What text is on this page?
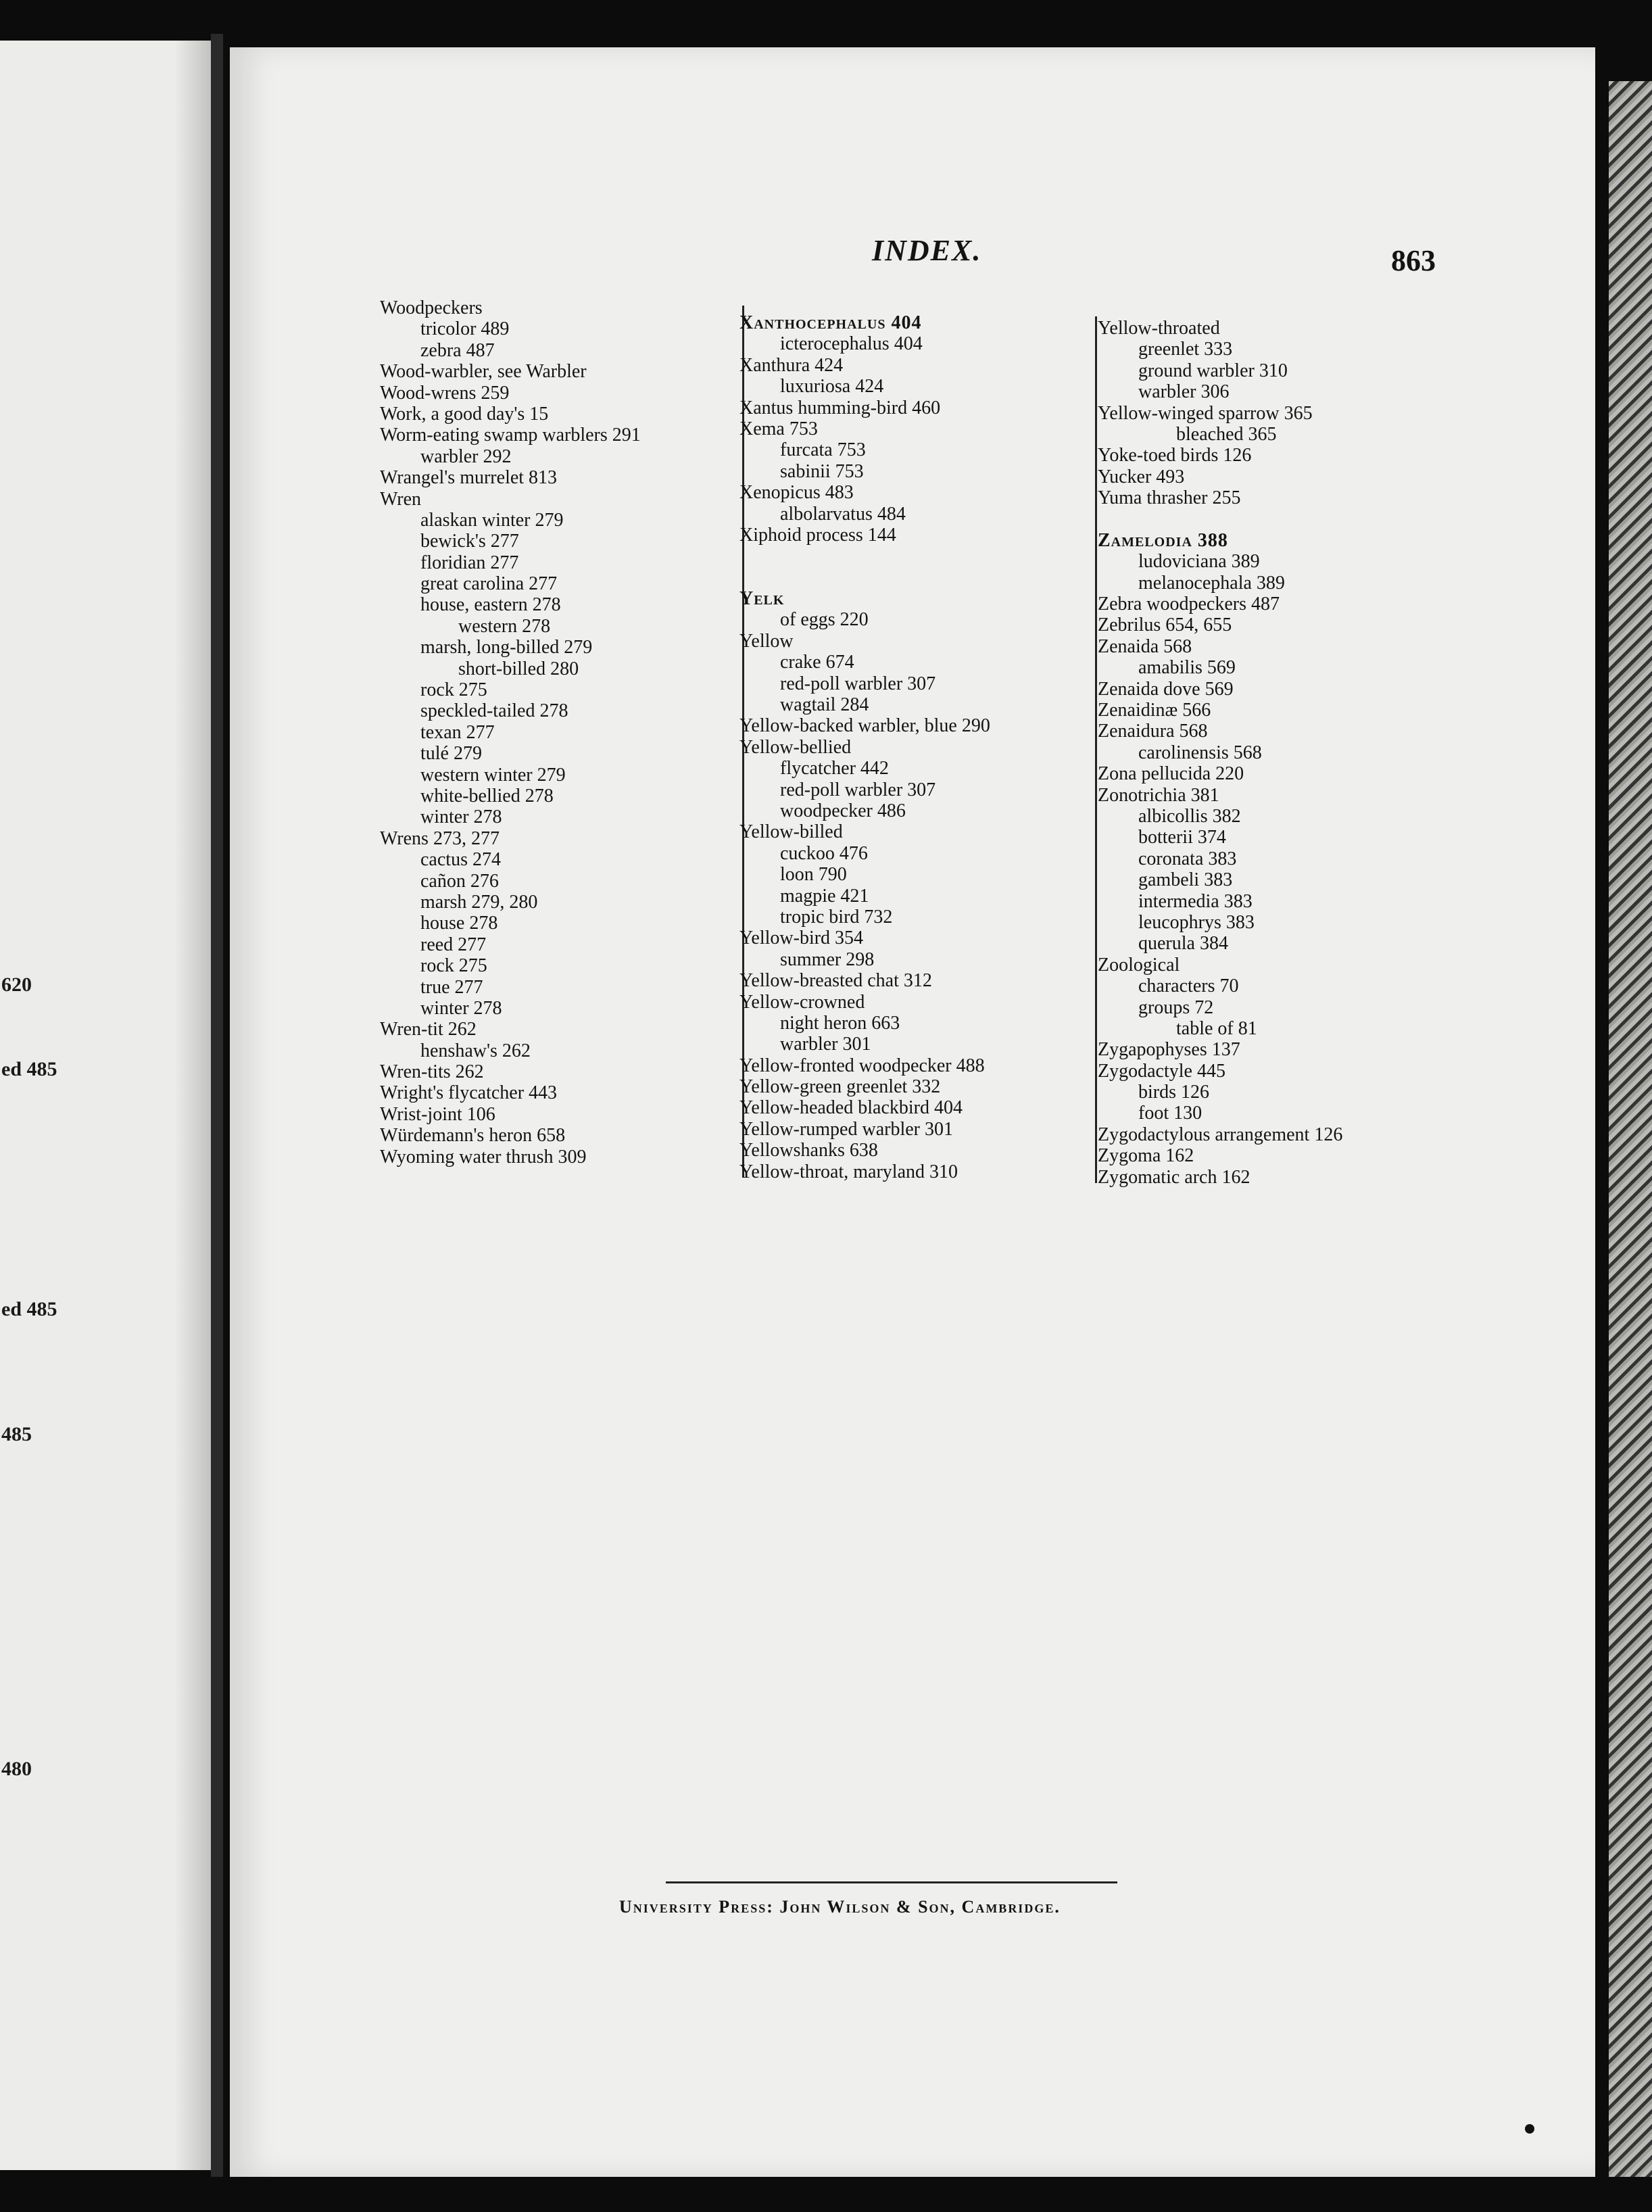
620
ed 485
ed 485
485
480
INDEX.	863
Woodpeckers
tricolor 489
zebra 487
Wood-warbler, see Warbler
Wood-wrens 259
Work, a good day's 15
Worm-eating swamp warblers 291
warbler 292
Wrangel's murrelet 813
Wren
alaskan winter 279
bewick's 277
floridian 277
great carolina 277
house, eastern 278
western 278
marsh, long-billed 279
short-billed 280
rock 275
speckled-tailed 278
texan 277
tulé 279
western winter 279
white-bellied 278
winter 278
Wrens 273, 277
cactus 274
cañon 276
marsh 279, 280
house 278
reed 277
rock 275
true 277
winter 278
Wren-tit 262
henshaw's 262
Wren-tits 262
Wright's flycatcher 443
Wrist-joint 106
Würdemann's heron 658
Wyoming water thrush 309
Xanthocephalus 404
icterocephalus 404
Xanthura 424
luxuriosa 424
Xantus humming-bird 460
Xema 753
furcata 753
sabinii 753
Xenopicus 483
albolarvatus 484
Xiphoid process 144
Yelk
of eggs 220
Yellow
crake 674
red-poll warbler 307
wagtail 284
Yellow-backed warbler, blue 290
Yellow-bellied
flycatcher 442
red-poll warbler 307
woodpecker 486
Yellow-billed
cuckoo 476
loon 790
magpie 421
tropic bird 732
Yellow-bird 354
summer 298
Yellow-breasted chat 312
Yellow-crowned
night heron 663
warbler 301
Yellow-fronted woodpecker 488
Yellow-green greenlet 332
Yellow-headed blackbird 404
Yellow-rumped warbler 301
Yellowshanks 638
Yellow-throat, maryland 310
Yellow-throated
greenlet 333
ground warbler 310
warbler 306
Yellow-winged sparrow 365
bleached 365
Yoke-toed birds 126
Yucker 493
Yuma thrasher 255
Zamelodia 388
ludoviciana 389
melanocephala 389
Zebra woodpeckers 487
Zebrilus 654, 655
Zenaida 568
amabilis 569
Zenaida dove 569
Zenaidinæ 566
Zenaidura 568
carolinensis 568
Zona pellucida 220
Zonotrichia 381
albicollis 382
botterii 374
coronata 383
gambeli 383
intermedia 383
leucophrys 383
querula 384
Zoological
characters 70
groups 72
table of 81
Zygapophyses 137
Zygodactyle 445
birds 126
foot 130
Zygodactylous arrangement 126
Zygoma 162
Zygomatic arch 162
University Press: John Wilson & Son, Cambridge.
